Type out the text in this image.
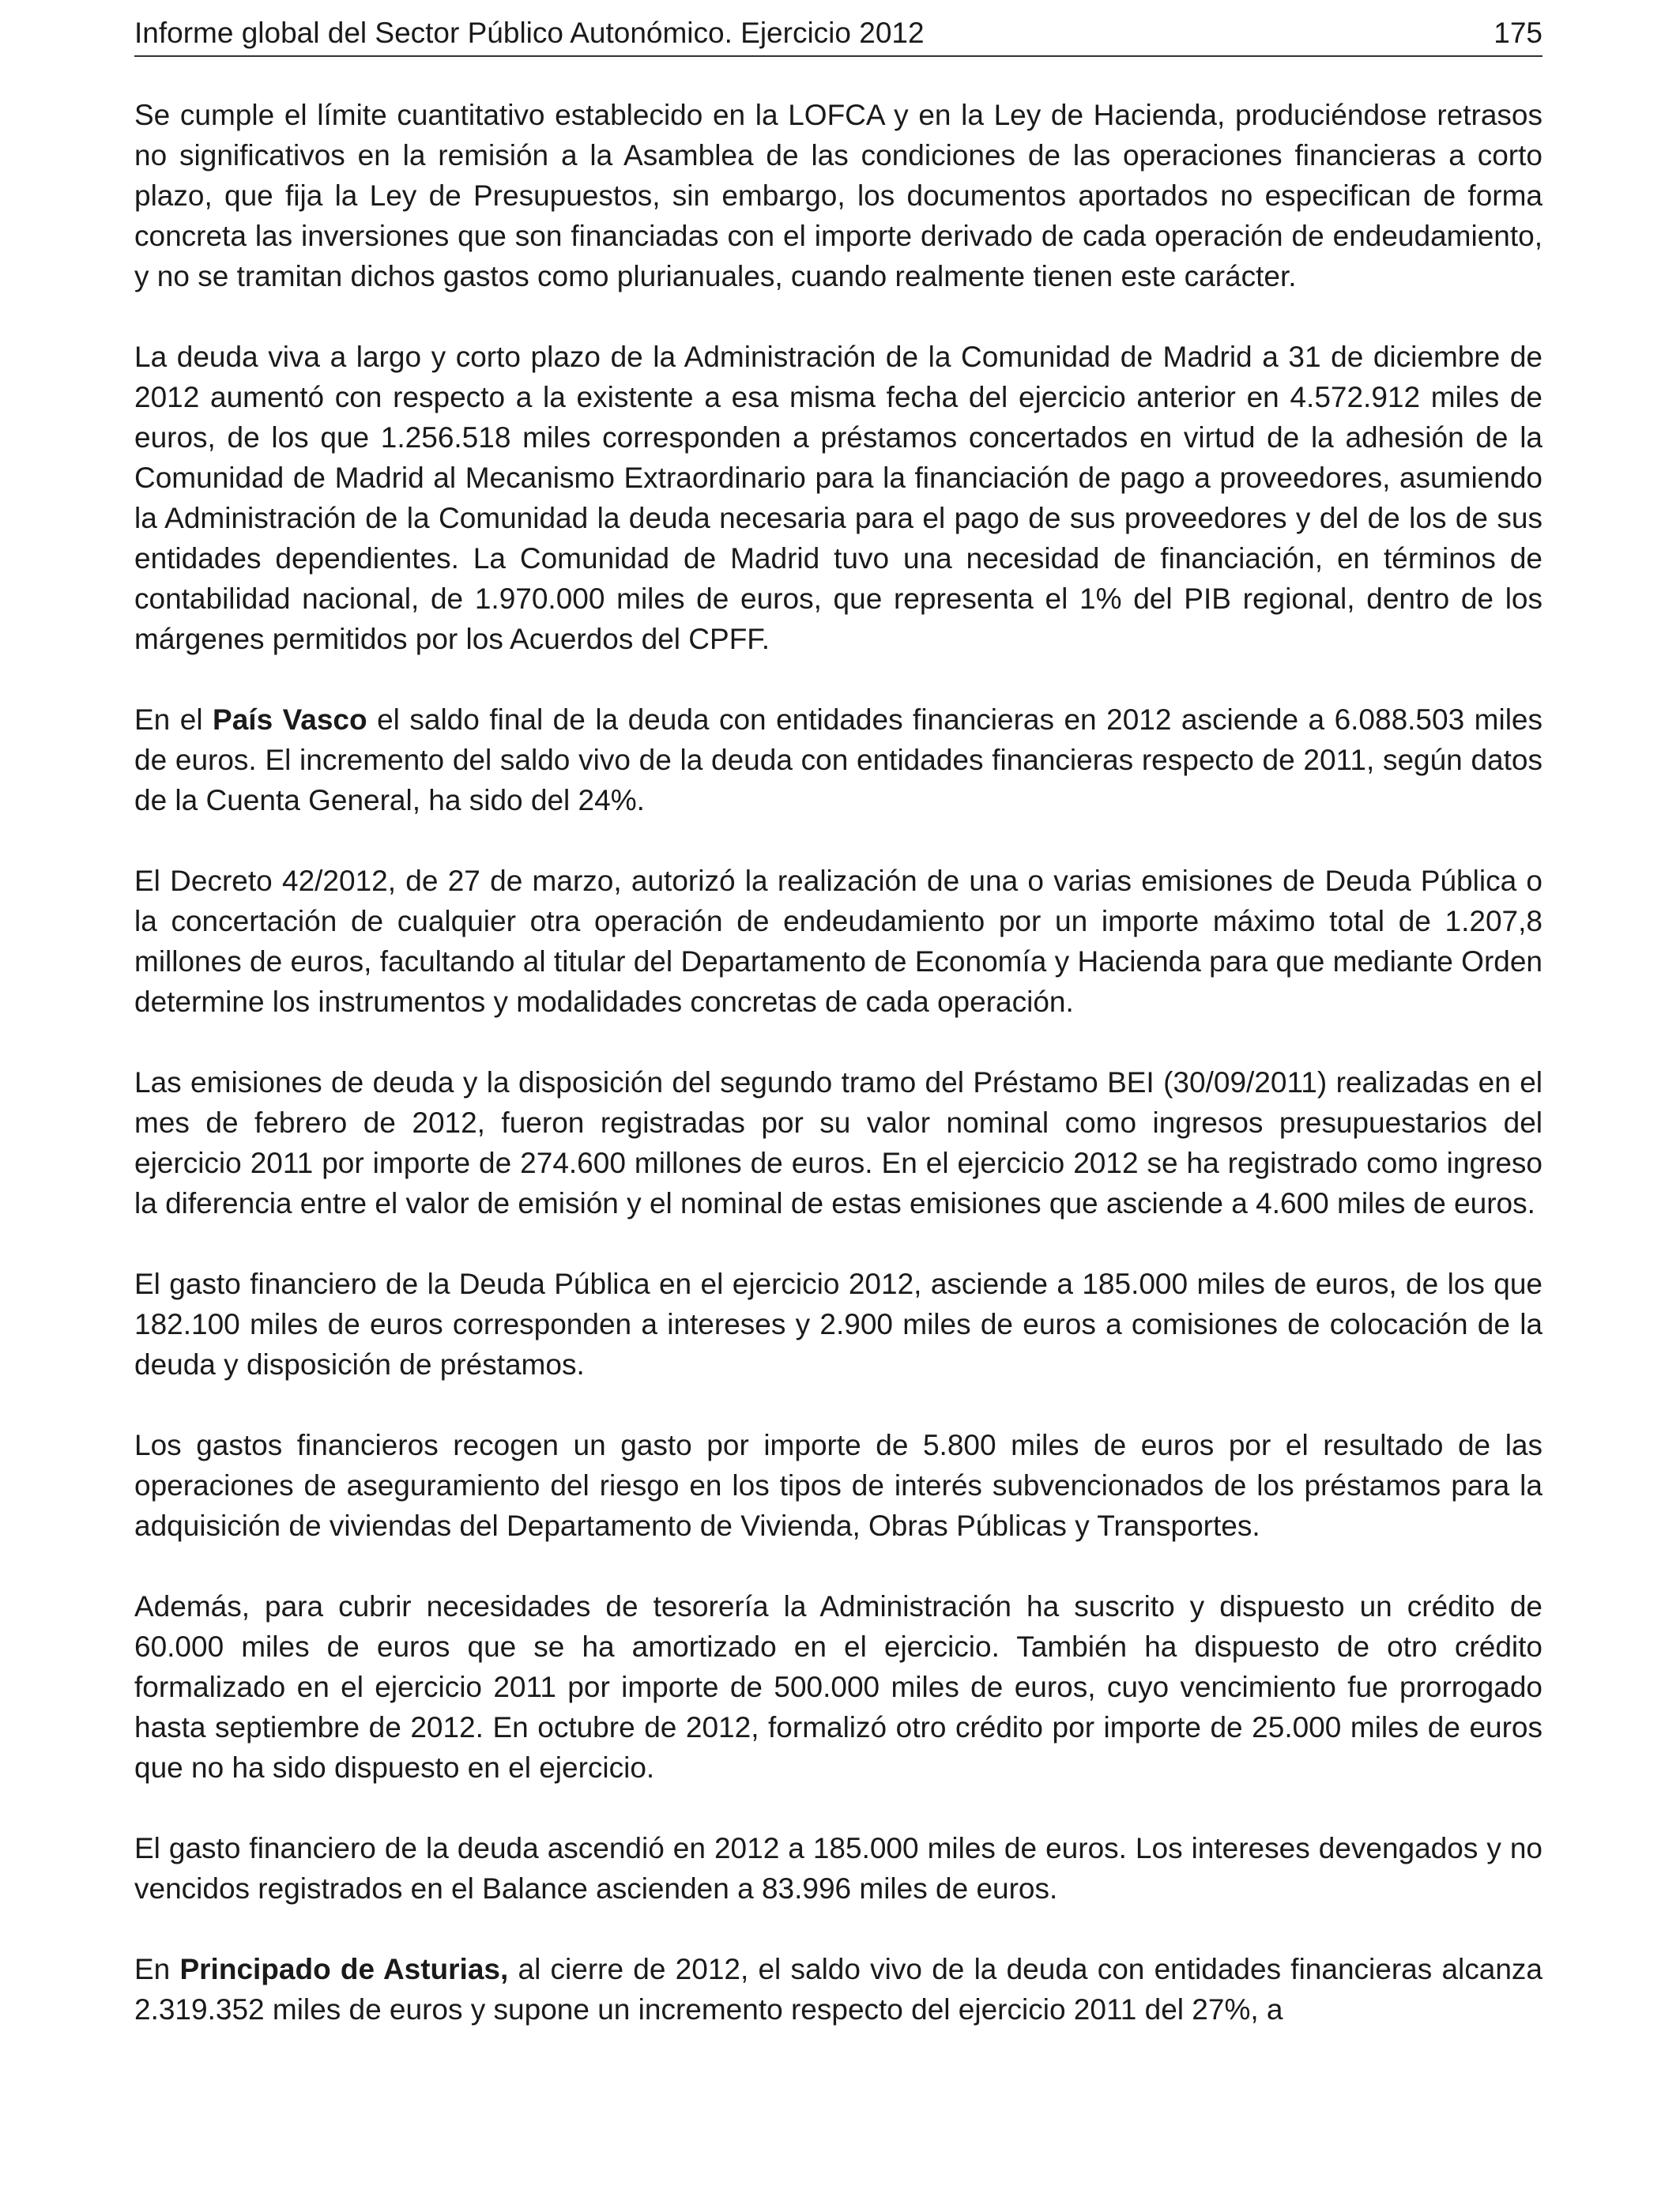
Informe global del Sector Público Autonómico. Ejercicio 2012	175

Se cumple el límite cuantitativo establecido en la LOFCA y en la Ley de Hacienda, produciéndose retrasos no significativos en la remisión a la Asamblea de las condiciones de las operaciones financieras a corto plazo, que fija la Ley de Presupuestos, sin embargo, los documentos aportados no especifican de forma concreta las inversiones que son financiadas con el importe derivado de cada operación de endeudamiento, y no se tramitan dichos gastos como plurianuales, cuando realmente tienen este carácter.

La deuda viva a largo y corto plazo de la Administración de la Comunidad de Madrid a 31 de diciembre de 2012 aumentó con respecto a la existente a esa misma fecha del ejercicio anterior en 4.572.912 miles de euros, de los que 1.256.518 miles corresponden a préstamos concertados en virtud de la adhesión de la Comunidad de Madrid al Mecanismo Extraordinario para la financiación de pago a proveedores, asumiendo la Administración de la Comunidad la deuda necesaria para el pago de sus proveedores y del de los de sus entidades dependientes. La Comunidad de Madrid tuvo una necesidad de financiación, en términos de contabilidad nacional, de 1.970.000 miles de euros, que representa el 1% del PIB regional, dentro de los márgenes permitidos por los Acuerdos del CPFF.

En el País Vasco el saldo final de la deuda con entidades financieras en 2012 asciende a 6.088.503 miles de euros. El incremento del saldo vivo de la deuda con entidades financieras respecto de 2011, según datos de la Cuenta General, ha sido del 24%.

El Decreto 42/2012, de 27 de marzo, autorizó la realización de una o varias emisiones de Deuda Pública o la concertación de cualquier otra operación de endeudamiento por un importe máximo total de 1.207,8 millones de euros, facultando al titular del Departamento de Economía y Hacienda para que mediante Orden determine los instrumentos y modalidades concretas de cada operación.

Las emisiones de deuda y la disposición del segundo tramo del Préstamo BEI (30/09/2011) realizadas en el mes de febrero de 2012, fueron registradas por su valor nominal como ingresos presupuestarios del ejercicio 2011 por importe de 274.600 millones de euros. En el ejercicio 2012 se ha registrado como ingreso la diferencia entre el valor de emisión y el nominal de estas emisiones que asciende a 4.600 miles de euros.

El gasto financiero de la Deuda Pública en el ejercicio 2012, asciende a 185.000 miles de euros, de los que 182.100 miles de euros corresponden a intereses y 2.900 miles de euros a comisiones de colocación de la deuda y disposición de préstamos.

Los gastos financieros recogen un gasto por importe de 5.800 miles de euros por el resultado de las operaciones de aseguramiento del riesgo en los tipos de interés subvencionados de los préstamos para la adquisición de viviendas del Departamento de Vivienda, Obras Públicas y Transportes.

Además, para cubrir necesidades de tesorería la Administración ha suscrito y dispuesto un crédito de 60.000 miles de euros que se ha amortizado en el ejercicio. También ha dispuesto de otro crédito formalizado en el ejercicio 2011 por importe de 500.000 miles de euros, cuyo vencimiento fue prorrogado hasta septiembre de 2012. En octubre de 2012, formalizó otro crédito por importe de 25.000 miles de euros que no ha sido dispuesto en el ejercicio.

El gasto financiero de la deuda ascendió en 2012 a 185.000 miles de euros. Los intereses devengados y no vencidos registrados en el Balance ascienden a 83.996 miles de euros.

En Principado de Asturias, al cierre de 2012, el saldo vivo de la deuda con entidades financieras alcanza 2.319.352 miles de euros y supone un incremento respecto del ejercicio 2011 del 27%, a
